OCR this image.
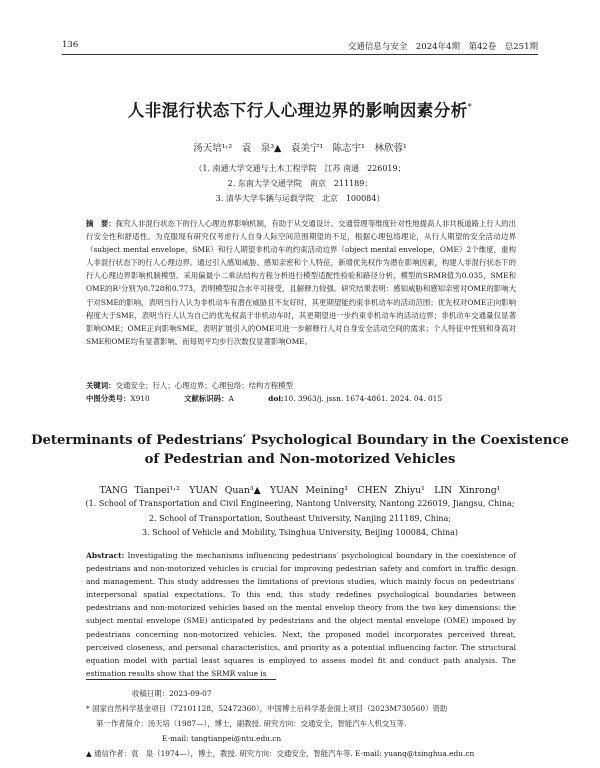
136	交通信息与安全　2024年4期　第42卷　总251期
人非混行状态下行人心理边界的影响因素分析*
汤天培¹˒²　袁　泉³▲　袁美宁¹　陈志宇¹　林欣蓉¹
（1. 南通大学交通与土木工程学院　江苏 南通　226019；
2. 东南大学交通学院　南京　211189；
3. 清华大学车辆与运载学院　北京　100084）
摘　要：探究人非混行状态下的行人心理边界影响机制，有助于从交通设计、交通管理等维度针对性地提高人非共板道路上行人的出行安全性和舒适性。为克服现有研究仅考虑行人自身人际空间范围期望的不足，根据心理包络理论，从行人期望的安全活动边界（subject mental envelope，SME）和行人期望非机动车的约束活动边界（object mental envelope，OME）2个维度，重构人非混行状态下的行人心理边界。通过引入感知威胁、感知亲密和个人特征，新增优先权作为潜在影响因素，构建人非混行状态下的行人心理边界影响机制模型。采用偏最小二乘法结构方程分析进行模型适配性检验和路径分析，模型的SRMR值为0.035，SME和OME的R²分别为0.728和0.773，表明模型拟合水平可接受，且解释力较强。研究结果表明：感知威胁和感知亲密对OME的影响大于对SME的影响，表明当行人认为非机动车有潜在威胁且不友好时，其更期望能约束非机动车的活动范围；优先权对OME正向影响程度大于SME，表明当行人认为自己的优先权高于非机动车时，其更期望进一步约束非机动车的活动边界；非机动车交通量仅显著影响OME；OME正向影响SME，表明扩展引入的OME可进一步解释行人对自身安全活动空间的需求；个人特征中性别和身高对SME和OME均有显著影响，而每周平均步行次数仅显著影响OME。
关键词：交通安全；行人；心理边界；心理包络；结构方程模型
中图分类号：X910	文献标识码：A	doi:10. 3963/j. jssn. 1674-4861. 2024. 04. 015
Determinants of Pedestrians′ Psychological Boundary in the Coexistence
of Pedestrian and Non-motorized Vehicles
TANG Tianpei¹˒²　YUAN Quan³▲　YUAN Meining¹　CHEN Zhiyu¹　LIN Xinrong¹
(1. School of Transportation and Civil Engineering, Nantong University, Nantong 226019, Jiangsu, China;
2. School of Transportation, Southeast University, Nanjing 211189, China;
3. School of Vehicle and Mobility, Tsinghua University, Beijing 100084, China)
Abstract: Investigating the mechanisms influencing pedestrians′ psychological boundary in the coexistence of pedestrians and non-motorized vehicles is crucial for improving pedestrian safety and comfort in traffic design and management. This study addresses the limitations of previous studies, which mainly focus on pedestrians′ interpersonal spatial expectations. To this end, this study redefines psychological boundaries between pedestrians and non-motorized vehicles based on the mental envelop theory from the two key dimensions: the subject mental envelope (SME) anticipated by pedestrians and the object mental envelope (OME) imposed by pedestrians concerning non-motorized vehicles. Next, the proposed model incorporates perceived threat, perceived closeness, and personal characteristics, and priority as a potential influencing factor. The structural equation model with partial least squares is employed to assess model fit and conduct path analysis. The estimation results show that the SRMR value is
收稿日期：2023-09-07
* 国家自然科学基金项目（72101128，52472360），中国博士后科学基金面上项目（2023M730560）资助
第一作者简介：汤天培（1987—），博士，副教授. 研究方向：交通安全，智能汽车人机交互等.
E-mail: tangtianpei@ntu.edu.cn
▲ 通信作者：袁　泉（1974—），博士，教授. 研究方向：交通安全，智能汽车等. E-mail: yuanq@tsinghua.edu.cn
